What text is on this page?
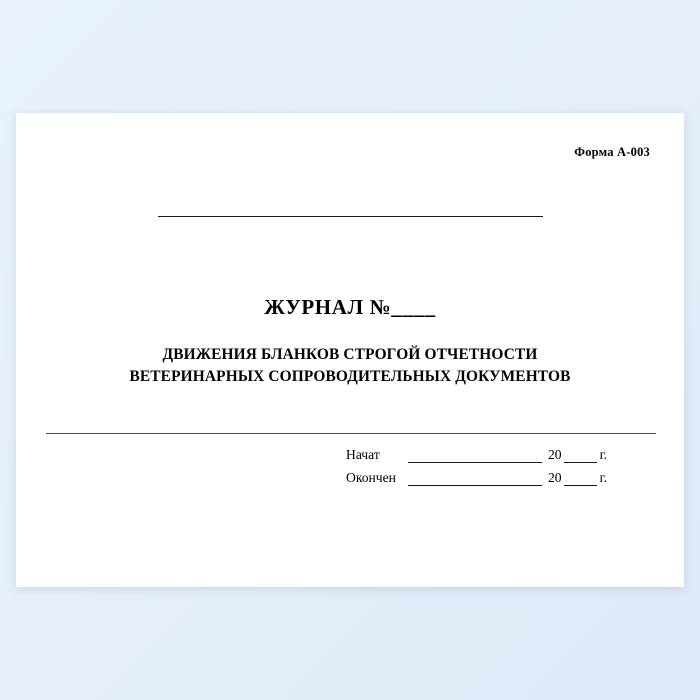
Форма А-003
ЖУРНАЛ №____
ДВИЖЕНИЯ БЛАНКОВ СТРОГОЙ ОТЧЕТНОСТИ
ВЕТЕРИНАРНЫХ СОПРОВОДИТЕЛЬНЫХ ДОКУМЕНТОВ
Начат	20	г.
Окончен	20	г.
